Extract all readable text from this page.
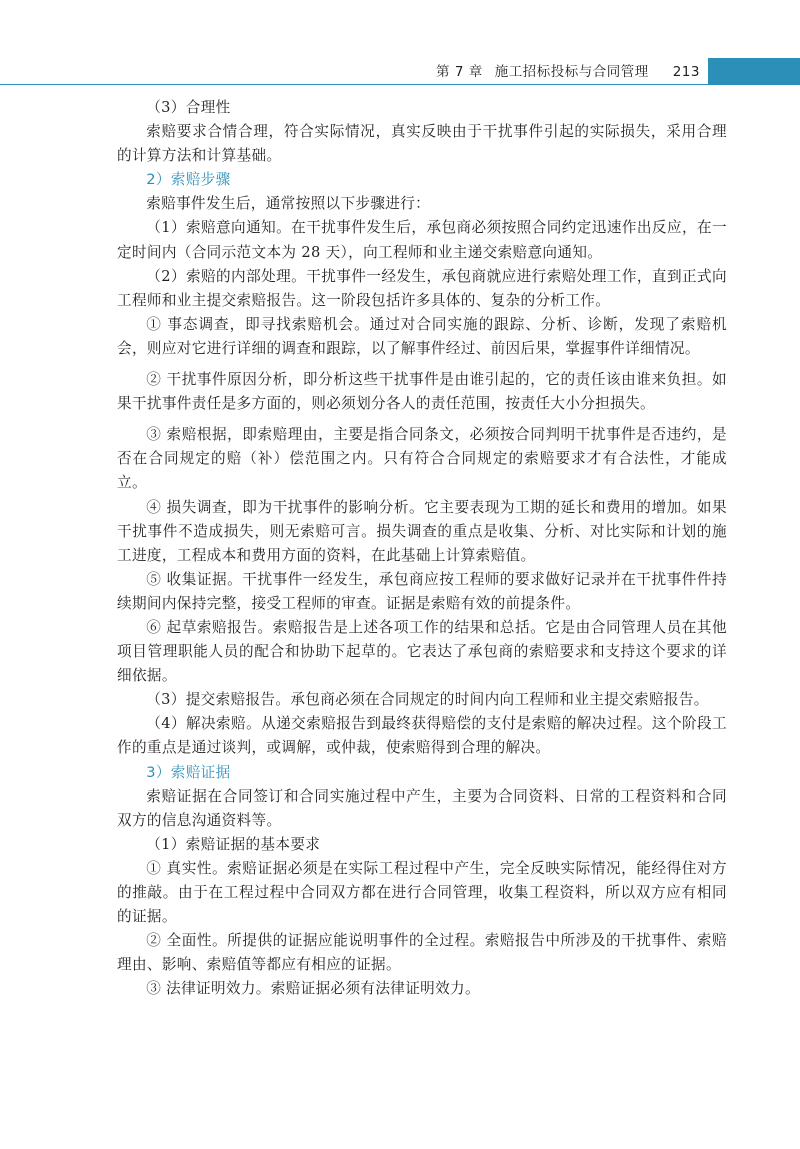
第 7 章 施工招标投标与合同管理 213

（3）合理性

索赔要求合情合理，符合实际情况，真实反映由于干扰事件引起的实际损失，采用合理的计算方法和计算基础。

2）索赔步骤

索赔事件发生后，通常按照以下步骤进行：

（1）索赔意向通知。在干扰事件发生后，承包商必须按照合同约定迅速作出反应，在一定时间内（合同示范文本为 28 天），向工程师和业主递交索赔意向通知。

（2）索赔的内部处理。干扰事件一经发生，承包商就应进行索赔处理工作，直到正式向工程师和业主提交索赔报告。这一阶段包括许多具体的、复杂的分析工作。

① 事态调查，即寻找索赔机会。通过对合同实施的跟踪、分析、诊断，发现了索赔机会，则应对它进行详细的调查和跟踪，以了解事件经过、前因后果，掌握事件详细情况。

② 干扰事件原因分析，即分析这些干扰事件是由谁引起的，它的责任该由谁来负担。如果干扰事件责任是多方面的，则必须划分各人的责任范围，按责任大小分担损失。

③ 索赔根据，即索赔理由，主要是指合同条文，必须按合同判明干扰事件是否违约，是否在合同规定的赔（补）偿范围之内。只有符合合同规定的索赔要求才有合法性，才能成立。

④ 损失调查，即为干扰事件的影响分析。它主要表现为工期的延长和费用的增加。如果干扰事件不造成损失，则无索赔可言。损失调查的重点是收集、分析、对比实际和计划的施工进度，工程成本和费用方面的资料，在此基础上计算索赔值。

⑤ 收集证据。干扰事件一经发生，承包商应按工程师的要求做好记录并在干扰事件件持续期间内保持完整，接受工程师的审查。证据是索赔有效的前提条件。

⑥ 起草索赔报告。索赔报告是上述各项工作的结果和总括。它是由合同管理人员在其他项目管理职能人员的配合和协助下起草的。它表达了承包商的索赔要求和支持这个要求的详细依据。

（3）提交索赔报告。承包商必须在合同规定的时间内向工程师和业主提交索赔报告。

（4）解决索赔。从递交索赔报告到最终获得赔偿的支付是索赔的解决过程。这个阶段工作的重点是通过谈判，或调解，或仲裁，使索赔得到合理的解决。

3）索赔证据

索赔证据在合同签订和合同实施过程中产生，主要为合同资料、日常的工程资料和合同双方的信息沟通资料等。

（1）索赔证据的基本要求

① 真实性。索赔证据必须是在实际工程过程中产生，完全反映实际情况，能经得住对方的推敲。由于在工程过程中合同双方都在进行合同管理，收集工程资料，所以双方应有相同的证据。

② 全面性。所提供的证据应能说明事件的全过程。索赔报告中所涉及的干扰事件、索赔理由、影响、索赔值等都应有相应的证据。

③ 法律证明效力。索赔证据必须有法律证明效力。
